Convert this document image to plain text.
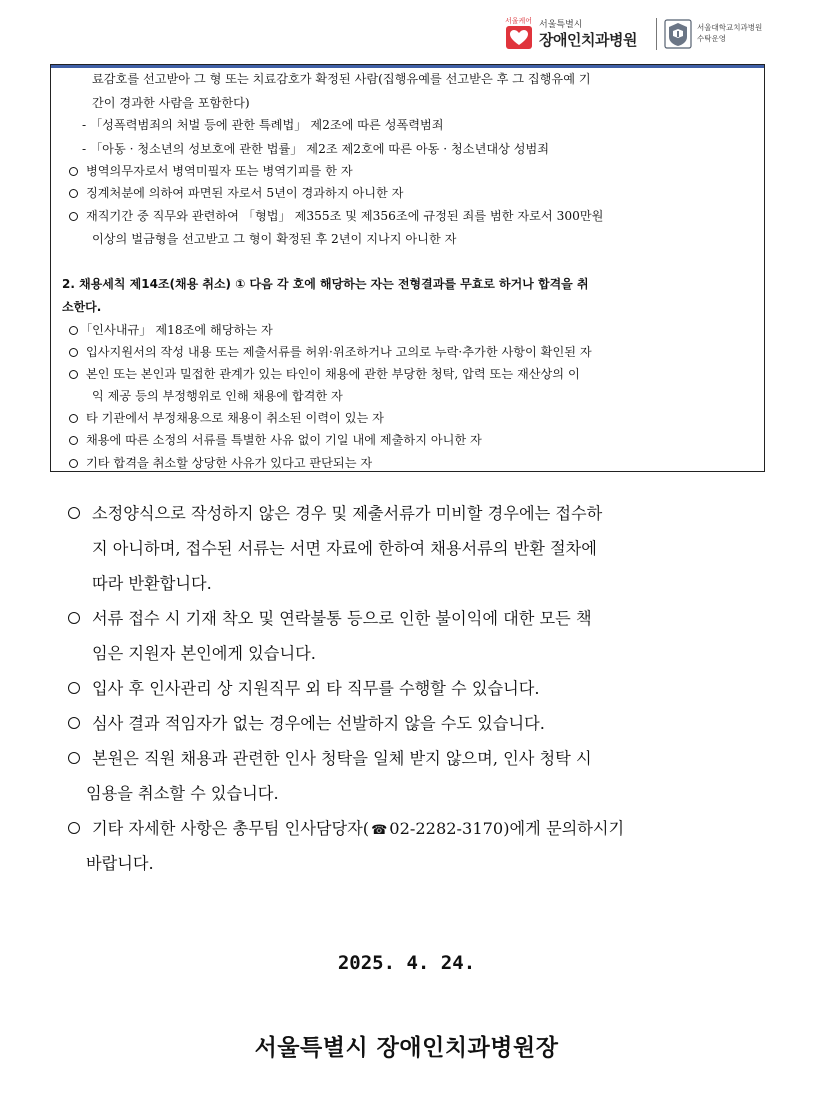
서울케어 서울특별시
장애인치과병원
서울대학교치과병원
수탁운영
료감호를 선고받아 그 형 또는 치료감호가 확정된 사람(집행유예를 선고받은 후 그 집행유예 기
간이 경과한 사람을 포함한다)
- 「성폭력범죄의 처벌 등에 관한 특례법」 제2조에 따른 성폭력범죄
- 「아동 · 청소년의 성보호에 관한 법률」 제2조 제2호에 따른 아동 · 청소년대상 성범죄
병역의무자로서 병역미필자 또는 병역기피를 한 자
징계처분에 의하여 파면된 자로서 5년이 경과하지 아니한 자
재직기간 중 직무와 관련하여 「형법」 제355조 및 제356조에 규정된 죄를 범한 자로서 300만원
이상의 벌금형을 선고받고 그 형이 확정된 후 2년이 지나지 아니한 자
2. 채용세칙 제14조(채용 취소) ① 다음 각 호에 해당하는 자는 전형결과를 무효로 하거나 합격을 취
소한다.
「인사내규」 제18조에 해당하는 자
입사지원서의 작성 내용 또는 제출서류를 허위·위조하거나 고의로 누락·추가한 사항이 확인된 자
본인 또는 본인과 밀접한 관계가 있는 타인이 채용에 관한 부당한 청탁, 압력 또는 재산상의 이
익 제공 등의 부정행위로 인해 채용에 합격한 자
타 기관에서 부정채용으로 채용이 취소된 이력이 있는 자
채용에 따른 소정의 서류를 특별한 사유 없이 기일 내에 제출하지 아니한 자
기타 합격을 취소할 상당한 사유가 있다고 판단되는 자
소정양식으로 작성하지 않은 경우 및 제출서류가 미비할 경우에는 접수하
지 아니하며, 접수된 서류는 서면 자료에 한하여 채용서류의 반환 절차에
따라 반환합니다.
서류 접수 시 기재 착오 및 연락불통 등으로 인한 불이익에 대한 모든 책
임은 지원자 본인에게 있습니다.
입사 후 인사관리 상 지원직무 외 타 직무를 수행할 수 있습니다.
심사 결과 적임자가 없는 경우에는 선발하지 않을 수도 있습니다.
본원은 직원 채용과 관련한 인사 청탁을 일체 받지 않으며, 인사 청탁 시
임용을 취소할 수 있습니다.
기타 자세한 사항은 총무팀 인사담당자( ☎ 02-2282-3170)에게 문의하시기
바랍니다.
2025. 4. 24.
서울특별시 장애인치과병원장
